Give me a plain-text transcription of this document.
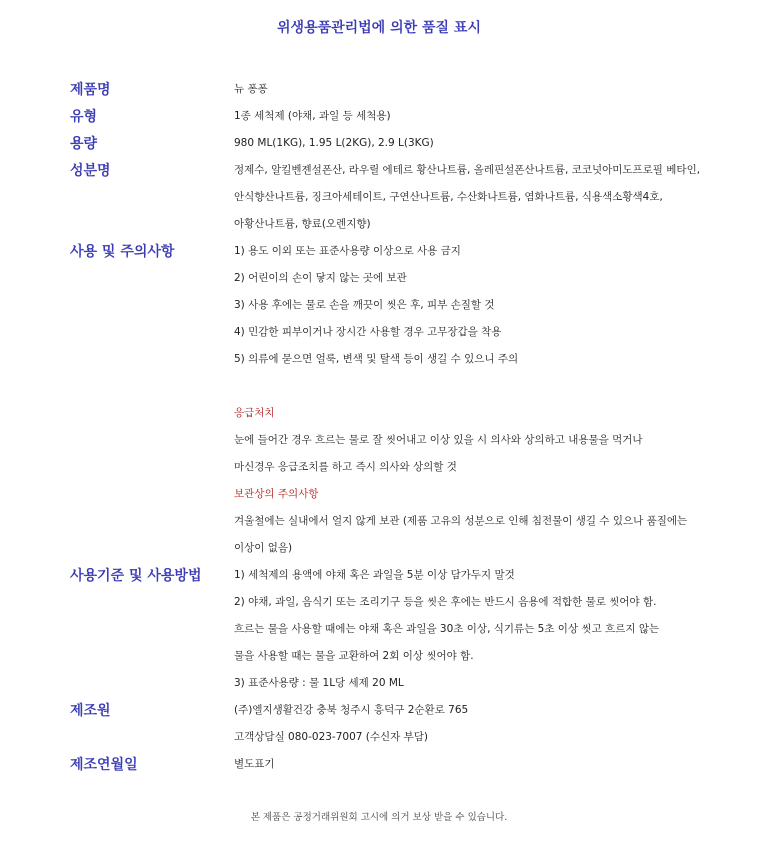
위생용품관리법에 의한 품질 표시
제품명	뉴 퐁퐁
유형	1종 세척제 (야채, 과일 등 세척용)
용량	980 ML(1KG), 1.95 L(2KG), 2.9 L(3KG)
성분명	정제수, 알킬벤젠설폰산, 라우릴 에테르 황산나트륨, 올레핀설폰산나트륨, 코코넛아미도프로필 베타인,
안식향산나트륨, 징크아세테이트, 구연산나트륨, 수산화나트륨, 염화나트륨, 식용색소황색4호,
아황산나트륨, 향료(오렌지향)
사용 및 주의사항	1) 용도 이외 또는 표준사용량 이상으로 사용 금지
2) 어린이의 손이 닿지 않는 곳에 보관
3) 사용 후에는 물로 손을 깨끗이 씻은 후, 피부 손질할 것
4) 민감한 피부이거나 장시간 사용할 경우 고무장갑을 착용
5) 의류에 묻으면 얼룩, 변색 및 탈색 등이 생길 수 있으니 주의
응급처치
눈에 들어간 경우 흐르는 물로 잘 씻어내고 이상 있을 시 의사와 상의하고 내용물을 먹거나
마신경우 응급조치를 하고 즉시 의사와 상의할 것
보관상의 주의사항
겨울철에는 실내에서 얼지 않게 보관 (제품 고유의 성분으로 인해 침전물이 생길 수 있으나 품질에는
이상이 없음)
사용기준 및 사용방법	1) 세척제의 용액에 야채 혹은 과일을 5분 이상 담가두지 말것
2) 야채, 과일, 음식기 또는 조리기구 등을 씻은 후에는 반드시 음용에 적합한 물로 씻어야 함.
흐르는 물을 사용할 때에는 야채 혹은 과일을 30초 이상, 식기류는 5초 이상 씻고 흐르지 않는
물을 사용할 때는 물을 교환하여 2회 이상 씻어야 함.
3) 표준사용량 : 물 1L당 세제 20 ML
제조원	(주)엘지생활건강 충북 청주시 흥덕구 2순환로 765
고객상담실 080-023-7007 (수신자 부담)
제조연월일	별도표기
본 제품은 공정거래위원회 고시에 의거 보상 받을 수 있습니다.
